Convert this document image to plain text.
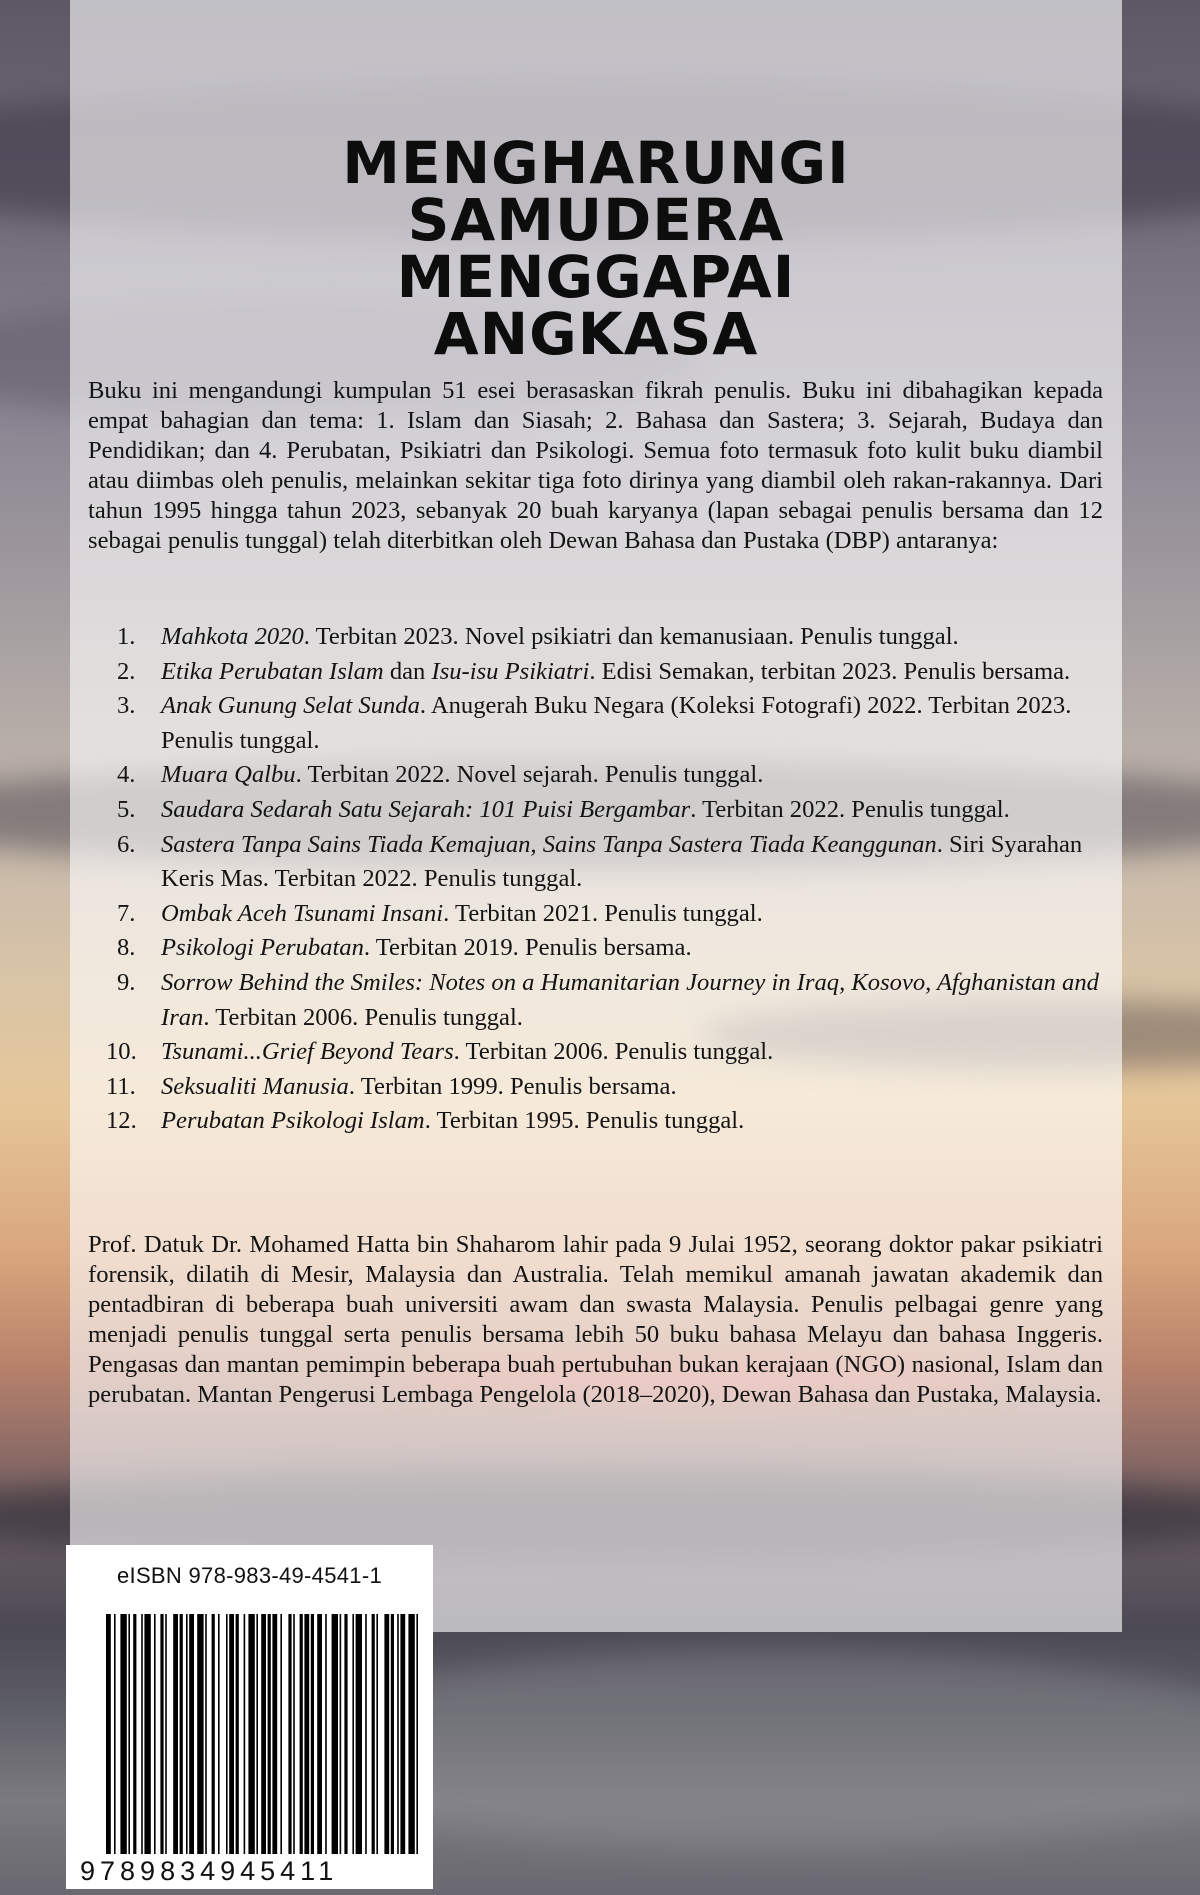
MENGHARUNGI
SAMUDERA
MENGGAPAI
ANGKASA
Buku ini mengandungi kumpulan 51 esei berasaskan fikrah penulis. Buku ini dibahagikan kepada empat bahagian dan tema: 1. Islam dan Siasah; 2. Bahasa dan Sastera; 3. Sejarah, Budaya dan Pendidikan; dan 4. Perubatan, Psikiatri dan Psikologi. Semua foto termasuk foto kulit buku diambil atau diimbas oleh penulis, melainkan sekitar tiga foto dirinya yang diambil oleh rakan-rakannya. Dari tahun 1995 hingga tahun 2023, sebanyak 20 buah karyanya (lapan sebagai penulis bersama dan 12 sebagai penulis tunggal) telah diterbitkan oleh Dewan Bahasa dan Pustaka (DBP) antaranya:
1. Mahkota 2020. Terbitan 2023. Novel psikiatri dan kemanusiaan. Penulis tunggal.
2. Etika Perubatan Islam dan Isu-isu Psikiatri. Edisi Semakan, terbitan 2023. Penulis bersama.
3. Anak Gunung Selat Sunda. Anugerah Buku Negara (Koleksi Fotografi) 2022. Terbitan 2023. Penulis tunggal.
4. Muara Qalbu. Terbitan 2022. Novel sejarah. Penulis tunggal.
5. Saudara Sedarah Satu Sejarah: 101 Puisi Bergambar. Terbitan 2022. Penulis tunggal.
6. Sastera Tanpa Sains Tiada Kemajuan, Sains Tanpa Sastera Tiada Keanggunan. Siri Syarahan Keris Mas. Terbitan 2022. Penulis tunggal.
7. Ombak Aceh Tsunami Insani. Terbitan 2021. Penulis tunggal.
8. Psikologi Perubatan. Terbitan 2019. Penulis bersama.
9. Sorrow Behind the Smiles: Notes on a Humanitarian Journey in Iraq, Kosovo, Afghanistan and Iran. Terbitan 2006. Penulis tunggal.
10. Tsunami...Grief Beyond Tears. Terbitan 2006. Penulis tunggal.
11. Seksualiti Manusia. Terbitan 1999. Penulis bersama.
12. Perubatan Psikologi Islam. Terbitan 1995. Penulis tunggal.
Prof. Datuk Dr. Mohamed Hatta bin Shaharom lahir pada 9 Julai 1952, seorang doktor pakar psikiatri forensik, dilatih di Mesir, Malaysia dan Australia. Telah memikul amanah jawatan akademik dan pentadbiran di beberapa buah universiti awam dan swasta Malaysia. Penulis pelbagai genre yang menjadi penulis tunggal serta penulis bersama lebih 50 buku bahasa Melayu dan bahasa Inggeris. Pengasas dan mantan pemimpin beberapa buah pertubuhan bukan kerajaan (NGO) nasional, Islam dan perubatan. Mantan Pengerusi Lembaga Pengelola (2018–2020), Dewan Bahasa dan Pustaka, Malaysia.
eISBN 978-983-49-4541-1
9789834945411
